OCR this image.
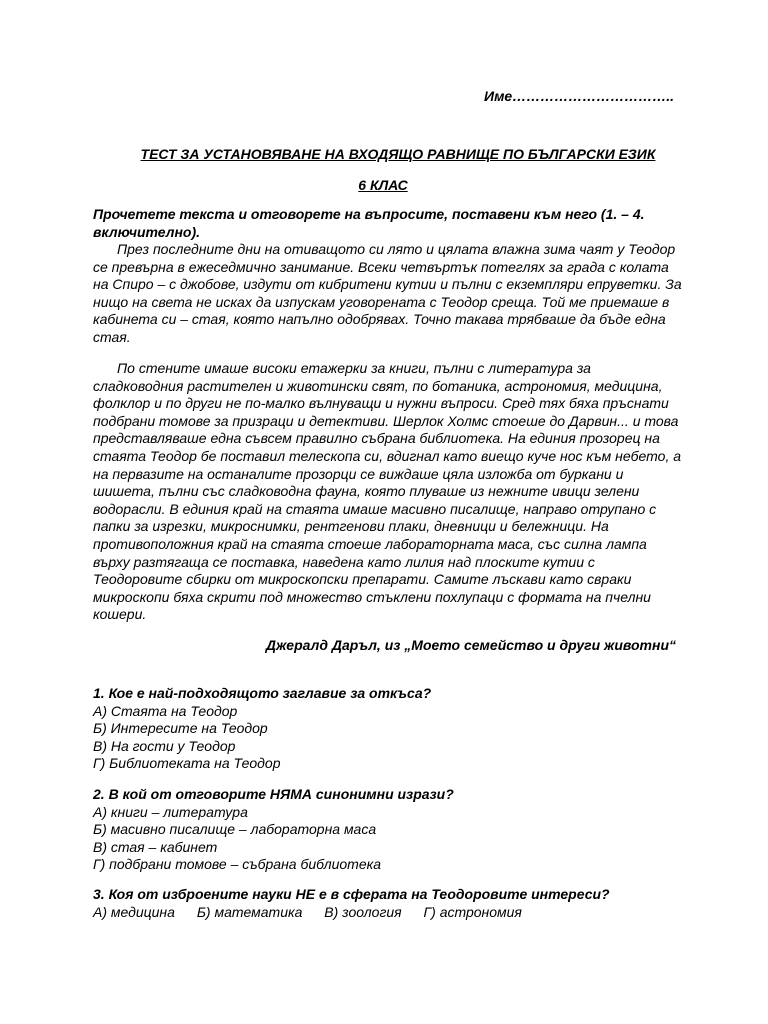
Име……………………………..
ТЕСТ ЗА УСТАНОВЯВАНЕ НА ВХОДЯЩО РАВНИЩЕ ПО БЪЛГАРСКИ ЕЗИК
6 КЛАС
Прочетете текста и отговорете на въпросите, поставени към него (1. – 4. включително).

През последните дни на отиващото си лято и цялата влажна зима чаят у Теодор се превърна в ежеседмично занимание. Всеки четвъртък потеглях за града с колата на Спиро – с джобове, издути от кибритени кутии и пълни с екземпляри епруветки. За нищо на света не исках да изпускам уговорената с Теодор среща. Той ме приемаше в кабинета си – стая, която напълно одобрявах. Точно такава трябваше да бъде една стая.

По стените имаше високи етажерки за книги, пълни с литература за сладководния растителен и животински свят, по ботаника, астрономия, медицина, фолклор и по други не по-малко вълнуващи и нужни въпроси. Сред тях бяха пръснати подбрани томове за призраци и детективи. Шерлок Холмс стоеше до Дарвин... и това представляваше една съвсем правилно събрана библиотека. На единия прозорец на стаята Теодор бе поставил телескопа си, вдигнал като виещо куче нос към небето, а на первазите на останалите прозорци се виждаше цяла изложба от буркани и шишета, пълни със сладководна фауна, която плуваше из нежните ивици зелени водорасли. В единия край на стаята имаше масивно писалище, направо отрупано с папки за изрезки, микроснимки, рентгенови плаки, дневници и бележници. На противоположния край на стаята стоеше лабораторната маса, със силна лампа върху разтягаща се поставка, наведена като лилия над плоските кутии с Теодоровите сбирки от микроскопски препарати. Самите лъскави като сврaки микроскопи бяха скрити под множество стъклени похлупаци с формата на пчелни кошери.

Джералд Даръл, из „Моето семейство и други животни“
1. Кое е най-подходящото заглавие за откъса?
А) Стаята на Теодор
Б) Интересите на Теодор
В) На гости у Теодор
Г) Библиотеката на Теодор
2. В кой от отговорите НЯМА синонимни изрази?
А) книги – литература
Б) масивно писалище – лабораторна маса
В) стая – кабинет
Г) подбрани томове – събрана библиотека
3. Коя от изброените науки НЕ е в сферата на Теодоровите интереси?
А) медицина Б) математика В) зоология Г) астрономия
